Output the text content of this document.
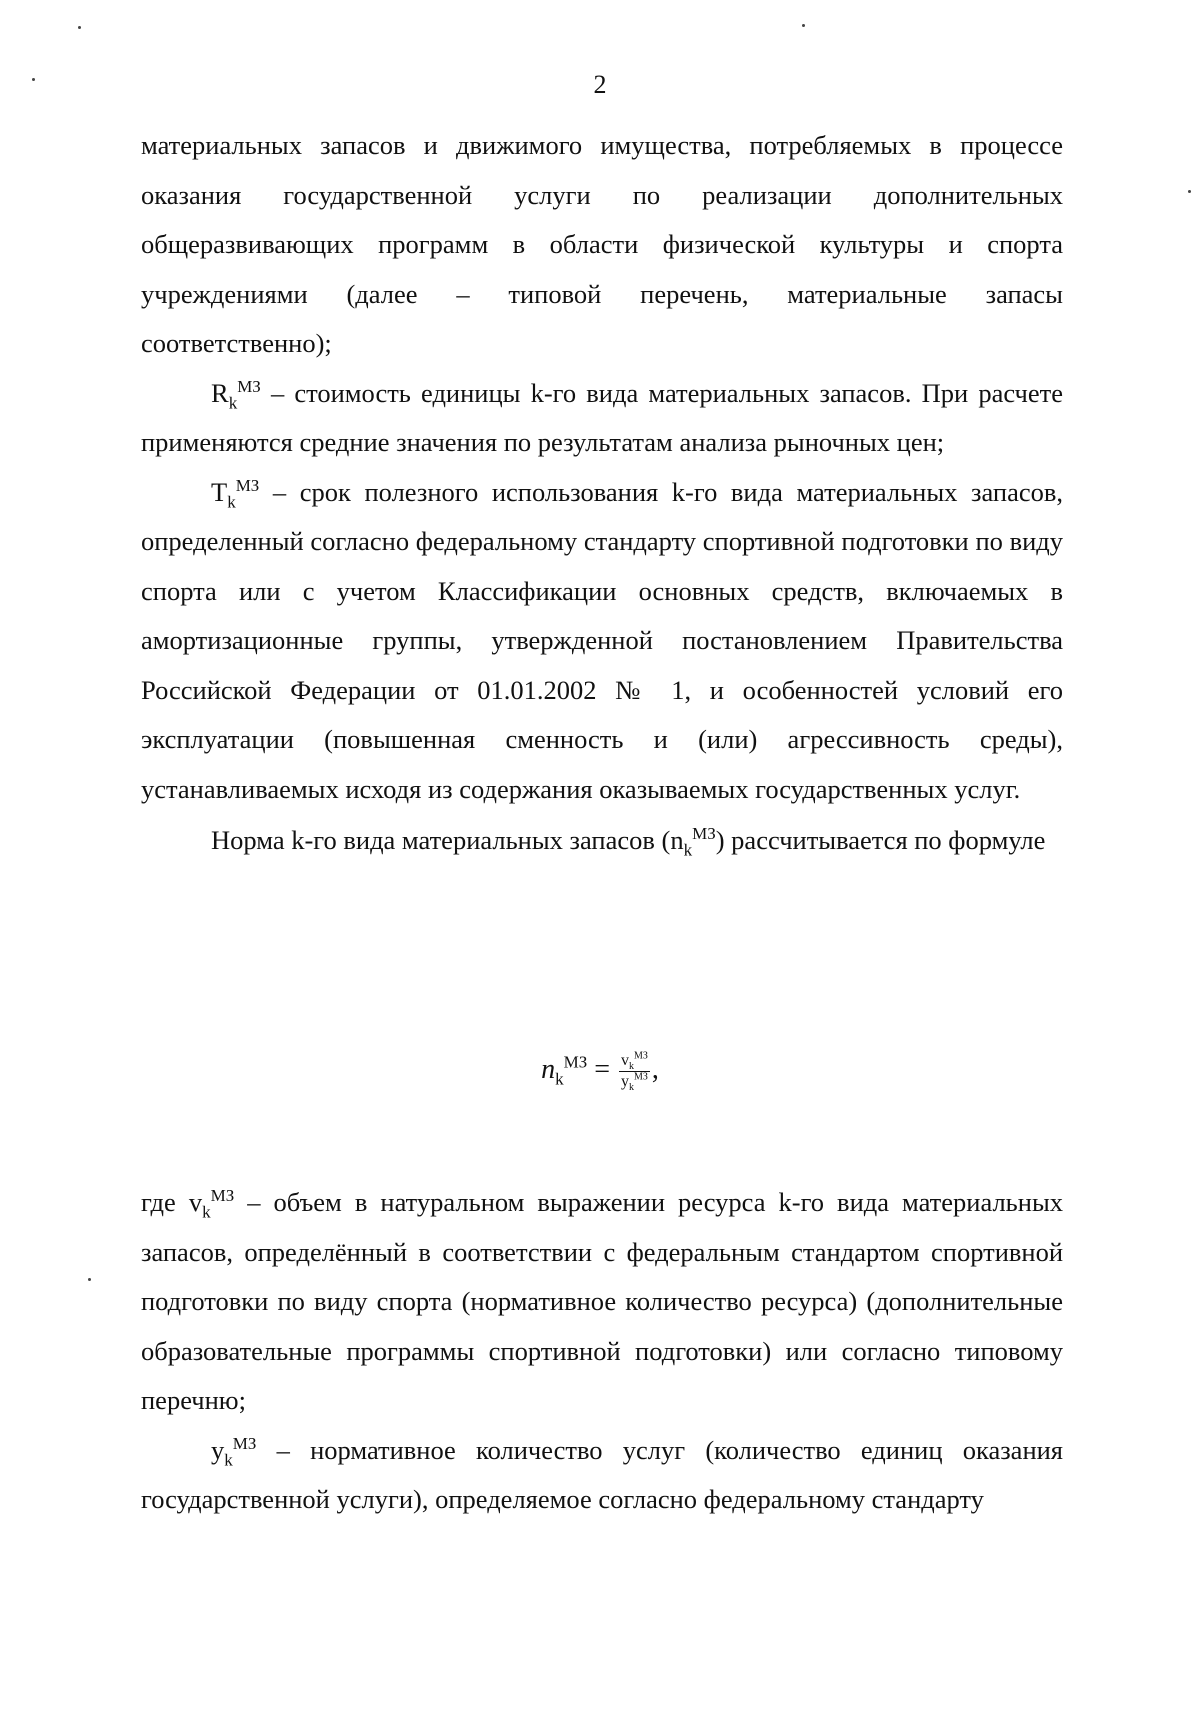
2

материальных запасов и движимого имущества, потребляемых в процессе оказания государственной услуги по реализации дополнительных общеразвивающих программ в области физической культуры и спорта учреждениями (далее – типовой перечень, материальные запасы соответственно);

$R_k^{МЗ}$ – стоимость единицы k-го вида материальных запасов. При расчете применяются средние значения по результатам анализа рыночных цен;

$T_k^{МЗ}$ – срок полезного использования k-го вида материальных запасов, определенный согласно федеральному стандарту спортивной подготовки по виду спорта или с учетом Классификации основных средств, включаемых в амортизационные группы, утвержденной постановлением Правительства Российской Федерации от 01.01.2002 № 1, и особенностей условий его эксплуатации (повышенная сменность и (или) агрессивность среды), устанавливаемых исходя из содержания оказываемых государственных услуг.

Норма k-го вида материальных запасов $(n_k^{МЗ})$ рассчитывается по формуле

$n_k^{МЗ} = \frac{v_k^{МЗ}}{y_k^{МЗ}}$ ,

где $v_k^{МЗ}$ – объем в натуральном выражении ресурса k-го вида материальных запасов, определённый в соответствии с федеральным стандартом спортивной подготовки по виду спорта (нормативное количество ресурса) (дополнительные образовательные программы спортивной подготовки) или согласно типовому перечню;

$y_k^{МЗ}$ – нормативное количество услуг (количество единиц оказания государственной услуги), определяемое согласно федеральному стандарту
